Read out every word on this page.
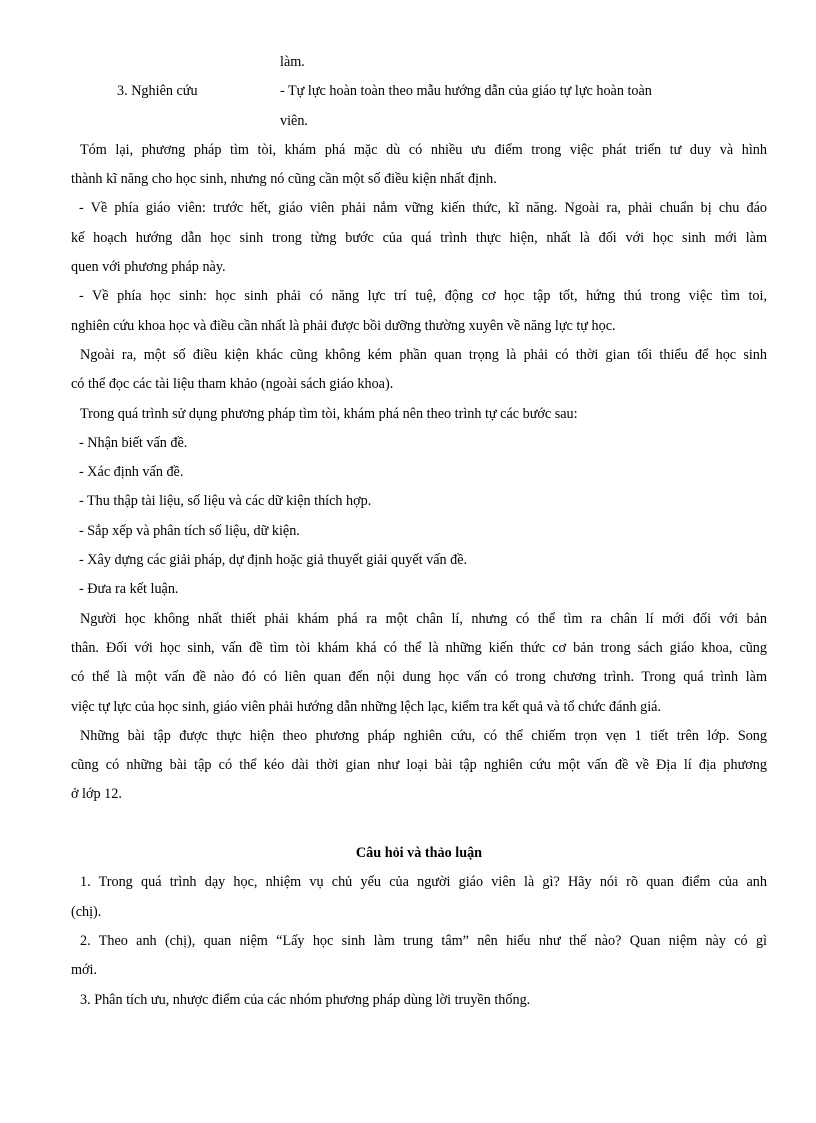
làm.
3. Nghiên cứu	- Tự lực hoàn toàn theo mẫu hướng dẫn của giáo tự lực hoàn toàn
viên.
Tóm lại, phương pháp tìm tòi, khám phá mặc dù có nhiều ưu điểm trong việc phát triển tư duy và hình
thành kĩ năng cho học sinh, nhưng nó cũng cần một số điều kiện nhất định.
- Về phía giáo viên: trước hết, giáo viên phải nắm vững kiến thức, kĩ năng. Ngoài ra, phải chuẩn bị chu đáo
kế hoạch hướng dẫn học sinh trong từng bước của quá trình thực hiện, nhất là đối với học sinh mới làm
quen với phương pháp này.
- Về phía học sinh: học sinh phải có năng lực trí tuệ, động cơ học tập tốt, hứng thú trong việc tìm toi,
nghiên cứu khoa học và điều cần nhất là phải được bồi dưỡng thường xuyên về năng lực tự học.
Ngoài ra, một số điều kiện khác cũng không kém phần quan trọng là phải có thời gian tối thiểu để học sinh
có thể đọc các tài liệu tham khảo (ngoài sách giáo khoa).
Trong quá trình sử dụng phương pháp tìm tòi, khám phá nên theo trình tự các bước sau:
- Nhận biết vấn đề.
- Xác định vấn đề.
- Thu thập tài liệu, số liệu và các dữ kiện thích hợp.
- Sắp xếp và phân tích số liệu, dữ kiện.
- Xây dựng các giải pháp, dự định hoặc giả thuyết giải quyết vấn đề.
- Đưa ra kết luận.
Người học không nhất thiết phải khám phá ra một chân lí, nhưng có thể tìm ra chân lí mới đối với bản
thân. Đối với học sinh, vấn đề tìm tòi khám khá có thể là những kiến thức cơ bản trong sách giáo khoa, cũng
có thể là một vấn đề nào đó có liên quan đến nội dung học vấn có trong chương trình. Trong quá trình làm
việc tự lực của học sinh, giáo viên phải hướng dẫn những lệch lạc, kiểm tra kết quả và tổ chức đánh giá.
Những bài tập được thực hiện theo phương pháp nghiên cứu, có thể chiếm trọn vẹn 1 tiết trên lớp. Song
cũng có những bài tập có thể kéo dài thời gian như loại bài tập nghiên cứu một vấn đề về Địa lí địa phương
ở lớp 12.
Câu hỏi và thảo luận
1. Trong quá trình dạy học, nhiệm vụ chủ yếu của người giáo viên là gì? Hãy nói rõ quan điểm của anh
(chị).
2. Theo anh (chị), quan niệm “Lấy học sinh làm trung tâm” nên hiểu như thế nào? Quan niệm này có gì
mới.
3. Phân tích ưu, nhược điểm của các nhóm phương pháp dùng lời truyền thống.
